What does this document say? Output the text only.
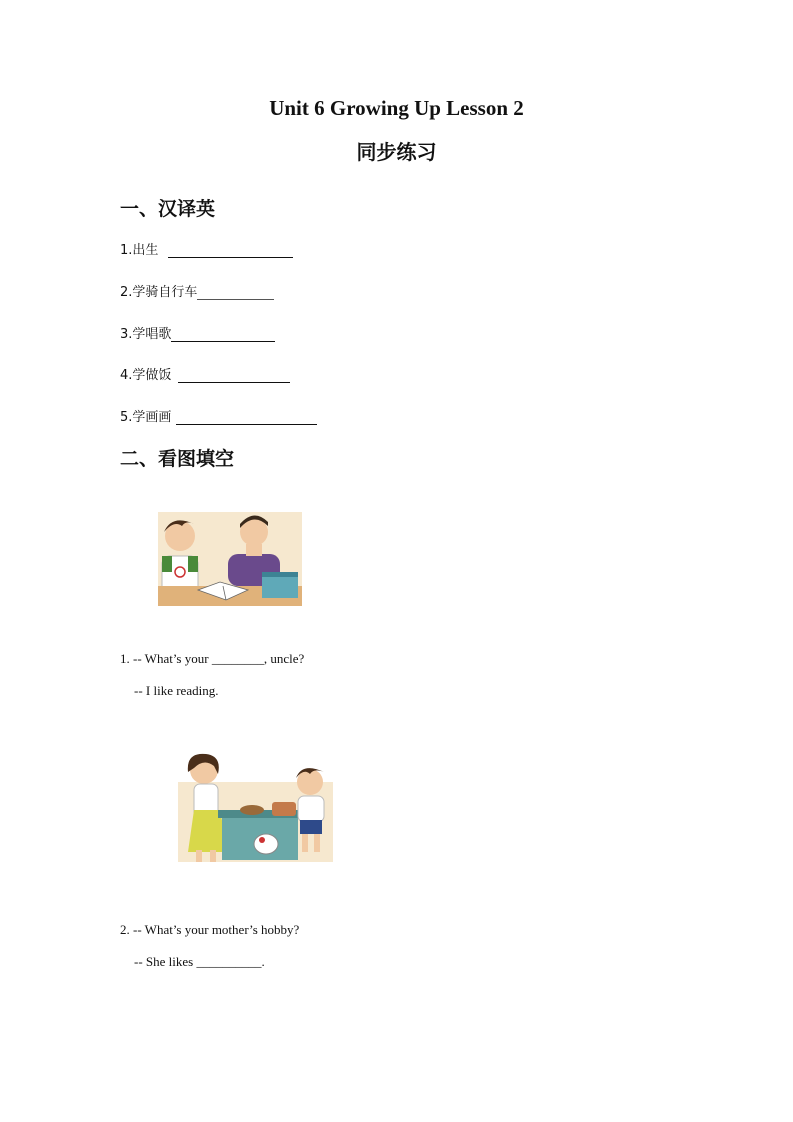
Unit 6 Growing Up Lesson 2
同步练习
一、汉译英
1.出生
2.学骑自行车
3.学唱歌
4.学做饭
5.学画画
二、看图填空
1. -- What’s your ________, uncle?
-- I like reading.
2. -- What’s your mother’s hobby?
-- She likes __________.
